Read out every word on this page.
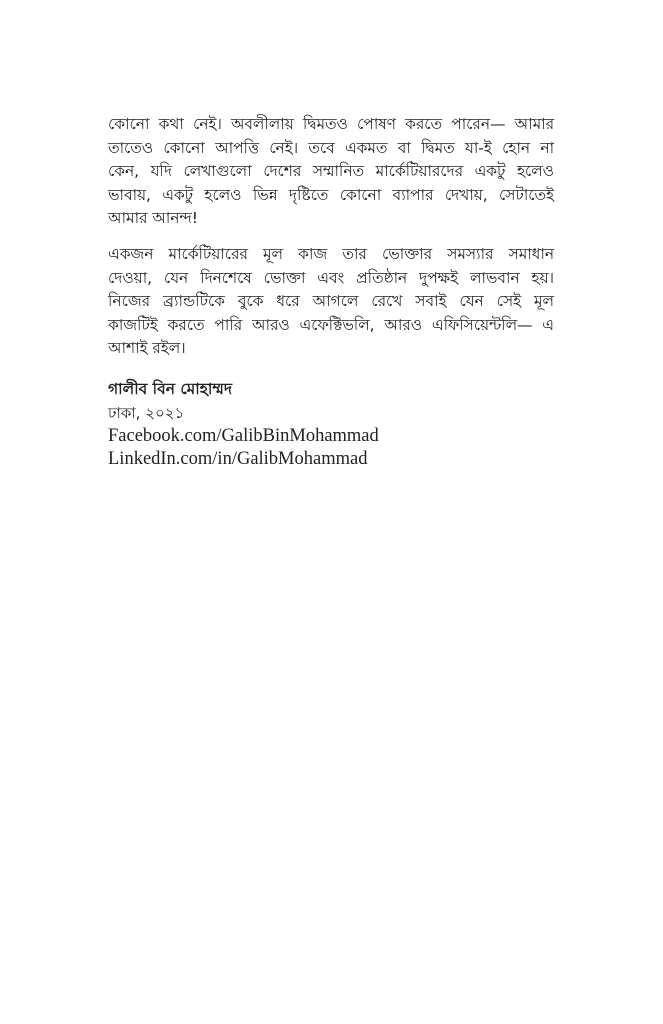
কোনো কথা নেই। অবলীলায় দ্বিমতও পোষণ করতে পারেন— আমার
তাতেও কোনো আপত্তি নেই। তবে একমত বা দ্বিমত যা-ই হোন না
কেন, যদি লেখাগুলো দেশের সম্মানিত মার্কেটিয়ারদের একটু হলেও
ভাবায়, একটু হলেও ভিন্ন দৃষ্টিতে কোনো ব্যাপার দেখায়, সেটাতেই
আমার আনন্দ!

একজন মার্কেটিয়ারের মূল কাজ তার ভোক্তার সমস্যার সমাধান
দেওয়া, যেন দিনশেষে ভোক্তা এবং প্রতিষ্ঠান দুপক্ষই লাভবান হয়।
নিজের ব্র্যান্ডটিকে বুকে ধরে আগলে রেখে সবাই যেন সেই মূল
কাজটিই করতে পারি আরও এফেক্টিভলি, আরও এফিসিয়েন্টলি— এ
আশাই রইল।

গালীব বিন মোহাম্মদ
ঢাকা, ২০২১
Facebook.com/GalibBinMohammad
LinkedIn.com/in/GalibMohammad
